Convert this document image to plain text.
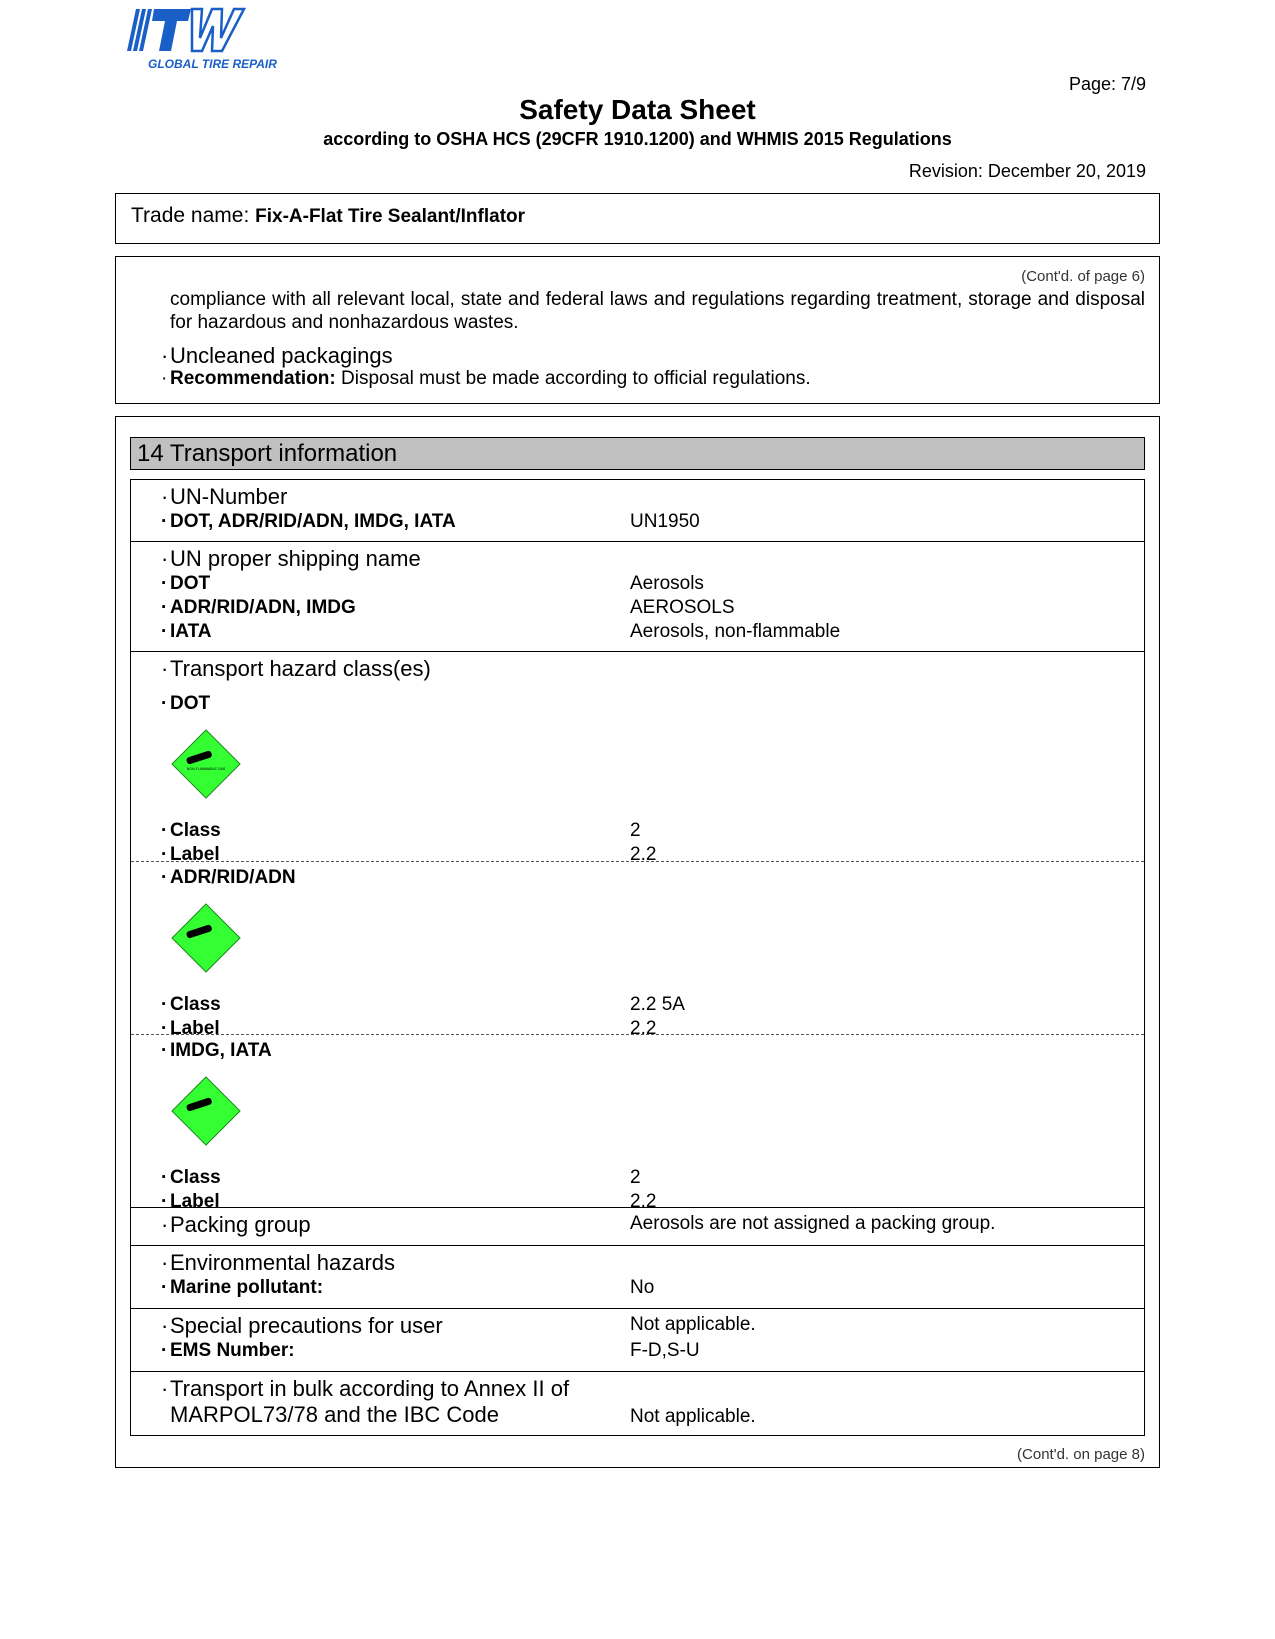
GLOBAL TIRE REPAIR
Page: 7/9
Safety Data Sheet
according to OSHA HCS (29CFR 1910.1200) and WHMIS 2015 Regulations
Revision: December 20, 2019
Trade name: Fix-A-Flat Tire Sealant/Inflator
(Cont'd. of page 6)
compliance with all relevant local, state and federal laws and regulations regarding treatment, storage and disposal for hazardous and nonhazardous wastes.
· Uncleaned packagings
· Recommendation: Disposal must be made according to official regulations.
14 Transport information
· UN-Number
· DOT, ADR/RID/ADN, IMDG, IATA	UN1950
· UN proper shipping name
· DOT	Aerosols
· ADR/RID/ADN, IMDG	AEROSOLS
· IATA	Aerosols, non-flammable
· Transport hazard class(es)
· DOT
NON-FLAMMABLE GAS
· Class	2
· Label	2.2
· ADR/RID/ADN
· Class	2.2 5A
· Label	2.2
· IMDG, IATA
· Class	2
· Label	2.2
· Packing group	Aerosols are not assigned a packing group.
· Environmental hazards
· Marine pollutant:	No
· Special precautions for user	Not applicable.
· EMS Number:	F-D,S-U
· Transport in bulk according to Annex II of
MARPOL73/78 and the IBC Code	Not applicable.
(Cont'd. on page 8)
